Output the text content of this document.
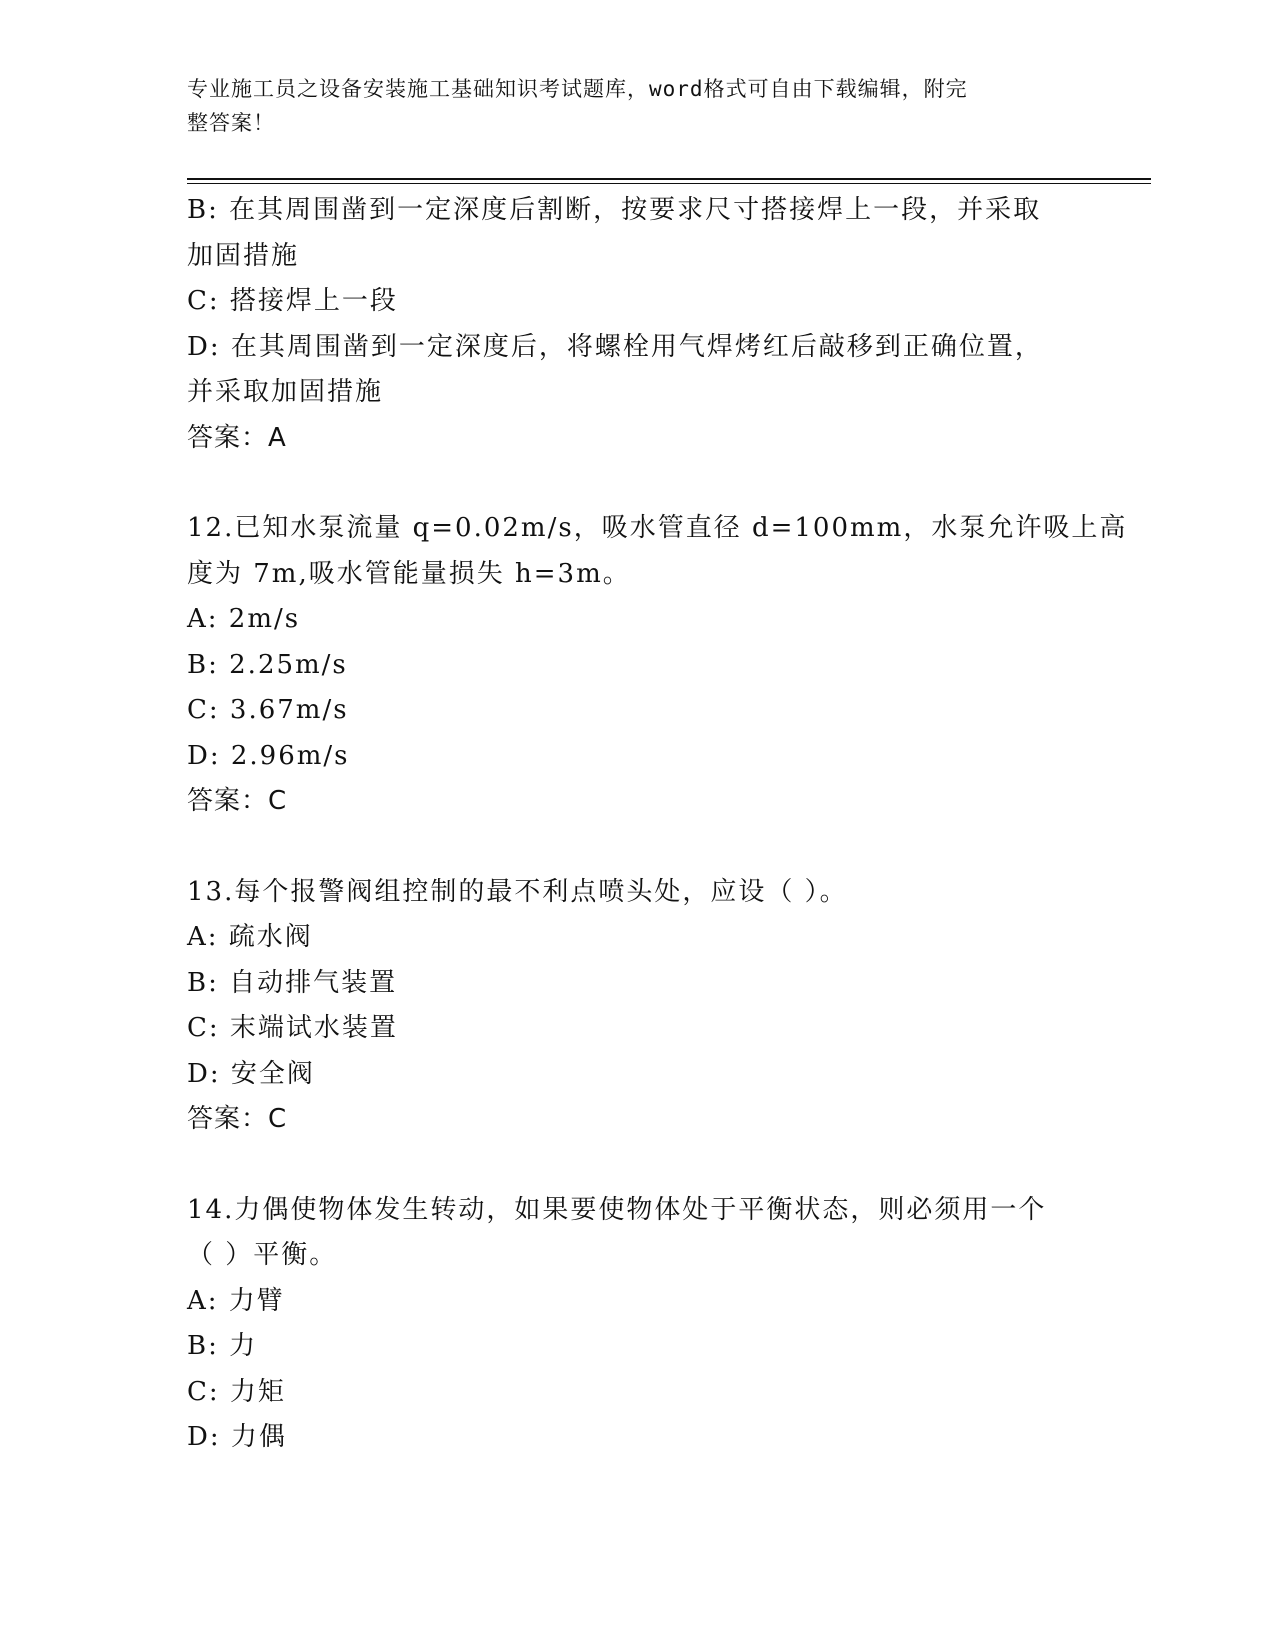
专业施工员之设备安装施工基础知识考试题库，word格式可自由下载编辑，附完
整答案！
B: 在其周围凿到一定深度后割断，按要求尺寸搭接焊上一段，并采取
加固措施
C: 搭接焊上一段
D: 在其周围凿到一定深度后，将螺栓用气焊烤红后敲移到正确位置，
并采取加固措施
答案：A
12.已知水泵流量 q=0.02m/s，吸水管直径 d=100mm，水泵允许吸上高
度为 7m,吸水管能量损失 h=3m。
A: 2m/s
B: 2.25m/s
C: 3.67m/s
D: 2.96m/s
答案：C
13.每个报警阀组控制的最不利点喷头处，应设（ ）。
A: 疏水阀
B: 自动排气装置
C: 末端试水装置
D: 安全阀
答案：C
14.力偶使物体发生转动，如果要使物体处于平衡状态，则必须用一个
（ ）平衡。
A: 力臂
B: 力
C: 力矩
D: 力偶
